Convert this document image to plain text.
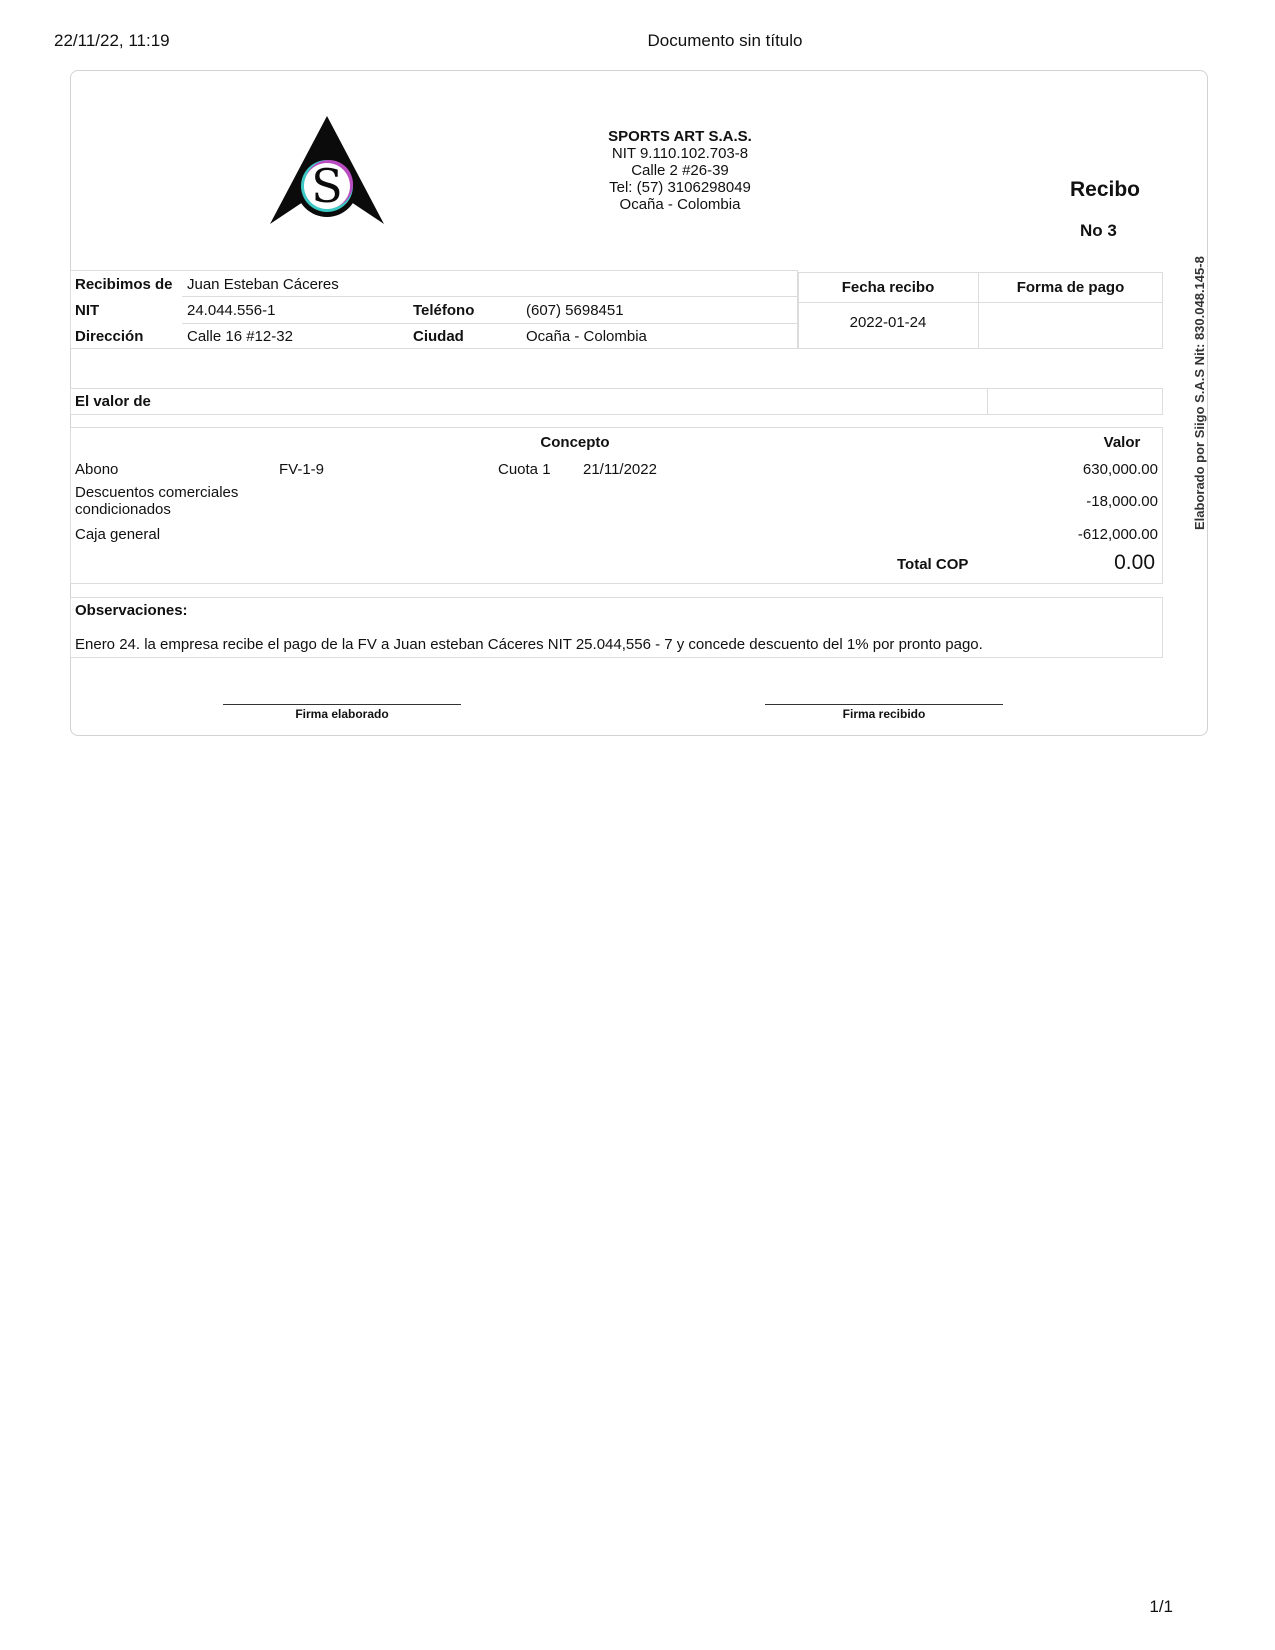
22/11/22, 11:19	Documento sin título
1/1
S
SPORTS ART S.A.S.
NIT 9.110.102.703-8
Calle 2 #26-39
Tel: (57) 3106298049
Ocaña - Colombia
Recibo
No 3
Elaborado por Siigo S.A.S Nit: 830.048.145-8
Recibimos de Juan Esteban Cáceres
NIT	24.044.556-1	Teléfono	(607) 5698451
Dirección	Calle 16 #12-32	Ciudad	Ocaña - Colombia
Fecha recibo	Forma de pago
2022-01-24
El valor de
Concepto	Valor
Abono	FV-1-9	Cuota 1 21/11/2022	630,000.00
Descuentos comerciales
condicionados	-18,000.00
Caja general	-612,000.00
Total COP	0.00
Observaciones:
Enero 24. la empresa recibe el pago de la FV a Juan esteban Cáceres NIT 25.044,556 - 7 y concede descuento del 1% por pronto pago.
Firma elaborado	Firma recibido
